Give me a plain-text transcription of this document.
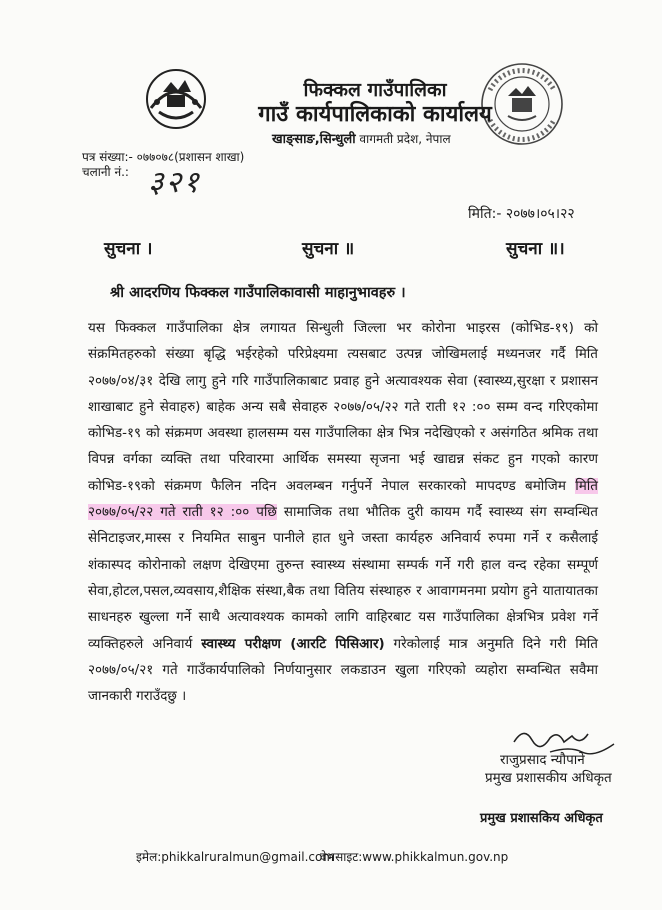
फिक्कल गाउँपालिका
गाउँ कार्यपालिकाको कार्यालय
खाङ्साङ,सिन्धुली वागमती प्रदेश, नेपाल
पत्र संख्या:- ०७७०७८(प्रशासन शाखा)
चलानी नं.: ३२१
मिति:- २०७७।०५।२२
सुचना ।	सुचना ॥	सुचना ॥।
श्री आदरणिय फिक्कल गाउँपालिकावासी माहानुभावहरु ।
यस फिक्कल गाउँपालिका क्षेत्र लगायत सिन्धुली जिल्ला भर कोरोना भाइरस (कोभिड-१९) को संक्रमितहरुको संख्या बृद्धि भईरहेको परिप्रेक्ष्यमा त्यसबाट उत्पन्न जोखिमलाई मध्यनजर गर्दै मिति २०७७/०४/३१ देखि लागु हुने गरि गाउँपालिकाबाट प्रवाह हुने अत्यावश्यक सेवा (स्वास्थ्य,सुरक्षा र प्रशासन शाखाबाट हुने सेवाहरु) बाहेक अन्य सबै सेवाहरु २०७७/०५/२२ गते राती १२ :०० सम्म वन्द गरिएकोमा कोभिड-१९ को संक्रमण अवस्था हालसम्म यस गाउँपालिका क्षेत्र भित्र नदेखिएको र असंगठित श्रमिक तथा विपन्न वर्गका व्यक्ति तथा परिवारमा आर्थिक समस्या सृजना भई खाद्यन्न संकट हुन गएको कारण कोभिड-१९को संक्रमण फैलिन नदिन अवलम्बन गर्नुपर्ने नेपाल सरकारको मापदण्ड बमोजिम मिति २०७७/०५/२२ गते राती १२ :०० पछि सामाजिक तथा भौतिक दुरी कायम गर्दै स्वास्थ्य संग सम्वन्धित सेनिटाइजर,मास्स र नियमित साबुन पानीले हात धुने जस्ता कार्यहरु अनिवार्य रुपमा गर्ने र कसैलाई शंकास्पद कोरोनाको लक्षण देखिएमा तुरुन्त स्वास्थ्य संस्थामा सम्पर्क गर्ने गरी हाल वन्द रहेका सम्पूर्ण सेवा,होटल,पसल,व्यवसाय,शैक्षिक संस्था,बैक तथा वितिय संस्थाहरु र आवागमनमा प्रयोग हुने यातायातका साधनहरु खुल्ला गर्ने साथै अत्यावश्यक कामको लागि वाहिरबाट यस गाउँपालिका क्षेत्रभित्र प्रवेश गर्ने व्यक्तिहरुले अनिवार्य स्वास्थ्य परीक्षण (आरटि पिसिआर) गरेकोलाई मात्र अनुमति दिने गरी मिति २०७७/०५/२१ गते गाउँकार्यपालिको निर्णयानुसार लकडाउन खुला गरिएको व्यहोरा सम्वन्धित सवैमा जानकारी गराउँदछु ।
राजुप्रसाद न्यौपाने
प्रमुख प्रशासकीय अधिकृत
प्रमुख प्रशासकिय अधिकृत
इमेल:phikkalruralmun@gmail.com
वेभसाइट:www.phikkalmun.gov.np
